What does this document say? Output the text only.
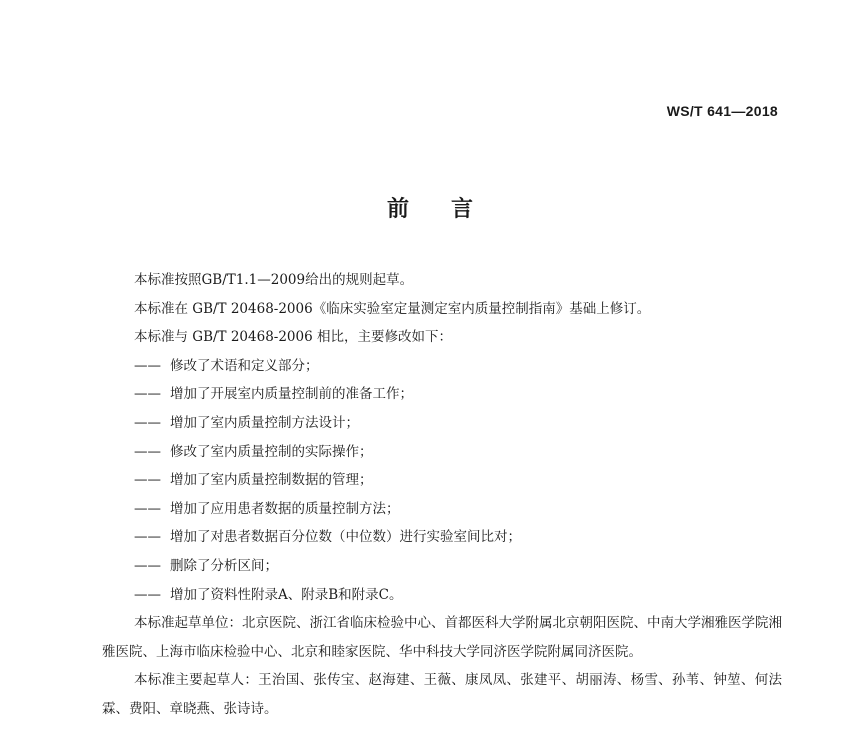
WS/T 641—2018
前言
本标准按照GB/T1.1—2009给出的规则起草。
本标准在 GB/T 20468-2006《临床实验室定量测定室内质量控制指南》基础上修订。
本标准与 GB/T 20468-2006 相比，主要修改如下：
—— 修改了术语和定义部分；
—— 增加了开展室内质量控制前的准备工作；
—— 增加了室内质量控制方法设计；
—— 修改了室内质量控制的实际操作；
—— 增加了室内质量控制数据的管理；
—— 增加了应用患者数据的质量控制方法；
—— 增加了对患者数据百分位数（中位数）进行实验室间比对；
—— 删除了分析区间；
—— 增加了资料性附录A、附录B和附录C。
本标准起草单位：北京医院、浙江省临床检验中心、首都医科大学附属北京朝阳医院、中南大学湘雅医学院湘雅医院、上海市临床检验中心、北京和睦家医院、华中科技大学同济医学院附属同济医院。
本标准主要起草人：王治国、张传宝、赵海建、王薇、康凤凤、张建平、胡丽涛、杨雪、孙苇、钟堃、何法霖、费阳、章晓燕、张诗诗。
